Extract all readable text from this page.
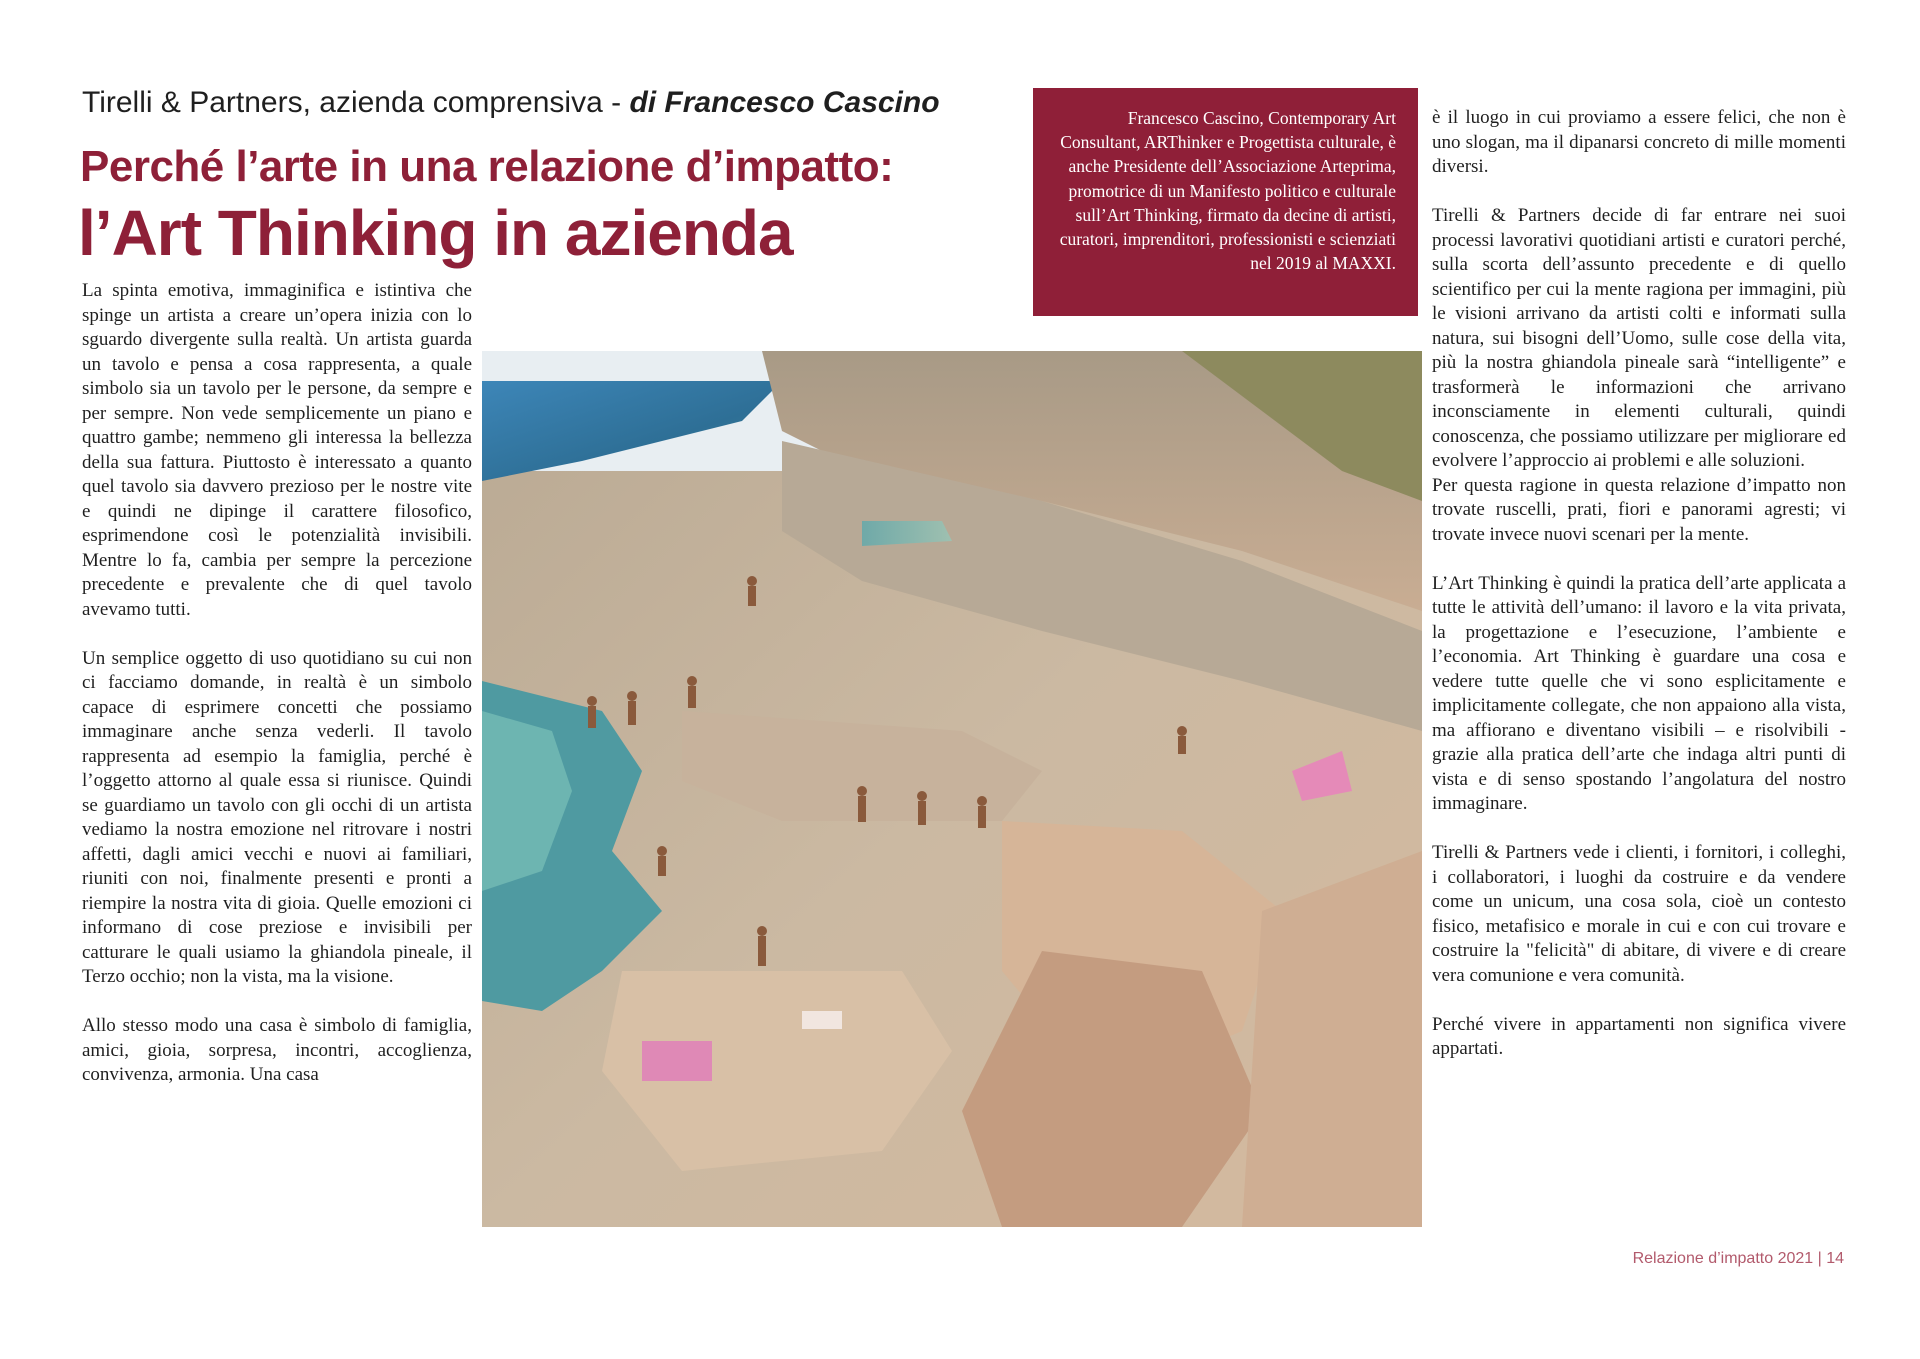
Tirelli & Partners, azienda comprensiva - di Francesco Cascino
Perché l’arte in una relazione d’impatto:
l’Art Thinking in azienda
Francesco Cascino, Contemporary Art Consultant, ARThinker e Progettista culturale, è anche Presidente dell’Associazione Arteprima, promotrice di un Manifesto politico e culturale sull’Art Thinking, firmato da decine di artisti, curatori, imprenditori, professionisti e scienziati nel 2019 al MAXXI.

La spinta emotiva, immaginifica e istintiva che spinge un artista a creare un’opera inizia con lo sguardo divergente sulla realtà. Un artista guarda un tavolo e pensa a cosa rappresenta, a quale simbolo sia un tavolo per le persone, da sempre e per sempre. Non vede semplicemente un piano e quattro gambe; nemmeno gli interessa la bellezza della sua fattura. Piuttosto è interessato a quanto quel tavolo sia davvero prezioso per le nostre vite e quindi ne dipinge il carattere filosofico, esprimendone così le potenzialità invisibili. Mentre lo fa, cambia per sempre la percezione precedente e prevalente che di quel tavolo avevamo tutti.

Un semplice oggetto di uso quotidiano su cui non ci facciamo domande, in realtà è un simbolo capace di esprimere concetti che possiamo immaginare anche senza vederli. Il tavolo rappresenta ad esempio la famiglia, perché è l’oggetto attorno al quale essa si riunisce. Quindi se guardiamo un tavolo con gli occhi di un artista vediamo la nostra emozione nel ritrovare i nostri affetti, dagli amici vecchi e nuovi ai familiari, riuniti con noi, finalmente presenti e pronti a riempire la nostra vita di gioia. Quelle emozioni ci informano di cose preziose e invisibili per catturare le quali usiamo la ghiandola pineale, il Terzo occhio; non la vista, ma la visione.

Allo stesso modo una casa è simbolo di famiglia, amici, gioia, sorpresa, incontri, accoglienza, convivenza, armonia. Una casa

è il luogo in cui proviamo a essere felici, che non è uno slogan, ma il dipanarsi concreto di mille momenti diversi.

Tirelli & Partners decide di far entrare nei suoi processi lavorativi quotidiani artisti e curatori perché, sulla scorta dell’assunto precedente e di quello scientifico per cui la mente ragiona per immagini, più le visioni arrivano da artisti colti e informati sulla natura, sui bisogni dell’Uomo, sulle cose della vita, più la nostra ghiandola pineale sarà “intelligente” e trasformerà le informazioni che arrivano inconsciamente in elementi culturali, quindi conoscenza, che possiamo utilizzare per migliorare ed evolvere l’approccio ai problemi e alle soluzioni.

Per questa ragione in questa relazione d’impatto non trovate ruscelli, prati, fiori e panorami agresti; vi trovate invece nuovi scenari per la mente.

L’Art Thinking è quindi la pratica dell’arte applicata a tutte le attività dell’umano: il lavoro e la vita privata, la progettazione e l’esecuzione, l’ambiente e l’economia. Art Thinking è guardare una cosa e vedere tutte quelle che vi sono esplicitamente e implicitamente collegate, che non appaiono alla vista, ma affiorano e diventano visibili – e risolvibili - grazie alla pratica dell’arte che indaga altri punti di vista e di senso spostando l’angolatura del nostro immaginare.

Tirelli & Partners vede i clienti, i fornitori, i colleghi, i collaboratori, i luoghi da costruire e da vendere come un unicum, una cosa sola, cioè un contesto fisico, metafisico e morale in cui e con cui trovare e costruire la "felicità" di abitare, di vivere e di creare vera comunione e vera comunità.

Perché vivere in appartamenti non significa vivere appartati.

Relazione d’impatto 2021 | 14
